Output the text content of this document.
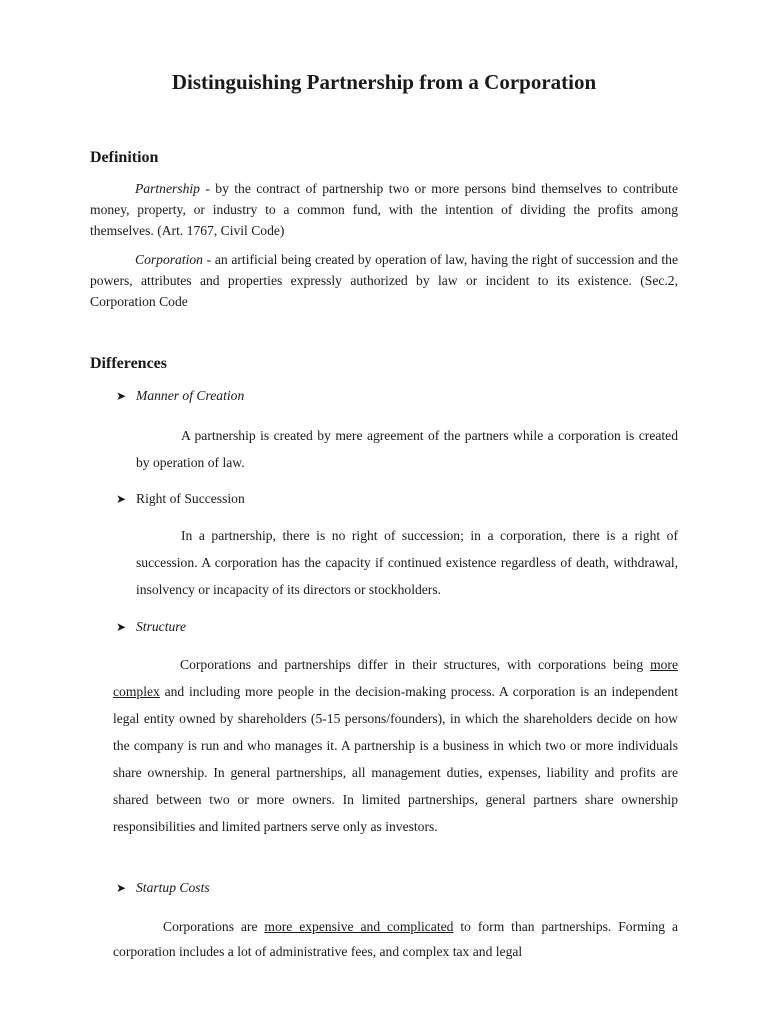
Distinguishing Partnership from a Corporation
Definition

Partnership - by the contract of partnership two or more persons bind themselves to contribute money, property, or industry to a common fund, with the intention of dividing the profits among themselves. (Art. 1767, Civil Code)

Corporation - an artificial being created by operation of law, having the right of succession and the powers, attributes and properties expressly authorized by law or incident to its existence. (Sec.2, Corporation Code

Differences
➤ Manner of Creation

A partnership is created by mere agreement of the partners while a corporation is created by operation of law.

➤ Right of Succession

In a partnership, there is no right of succession; in a corporation, there is a right of succession. A corporation has the capacity if continued existence regardless of death, withdrawal, insolvency or incapacity of its directors or stockholders.

➤ Structure

Corporations and partnerships differ in their structures, with corporations being more complex and including more people in the decision-making process. A corporation is an independent legal entity owned by shareholders (5-15 persons/founders), in which the shareholders decide on how the company is run and who manages it. A partnership is a business in which two or more individuals share ownership. In general partnerships, all management duties, expenses, liability and profits are shared between two or more owners. In limited partnerships, general partners share ownership responsibilities and limited partners serve only as investors.

➤ Startup Costs

Corporations are more expensive and complicated to form than partnerships. Forming a corporation includes a lot of administrative fees, and complex tax and legal
